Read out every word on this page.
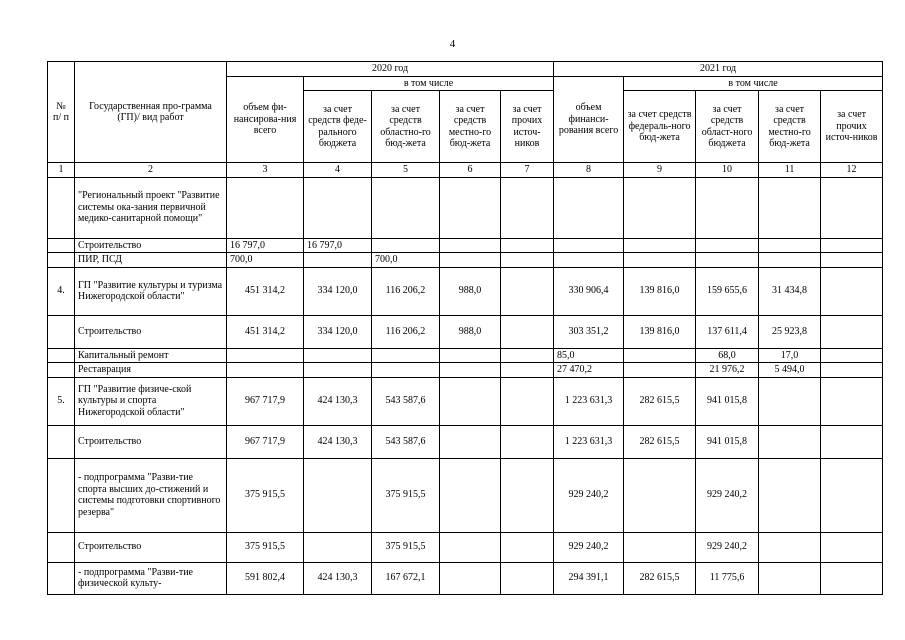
4
№ п/ п	Государственная про-грамма (ГП)/ вид работ	2020 год					2021 год				
		объем фи-нансирова-ния всего	в том числе				объем финанси-рования всего	в том числе			
			за счет средств феде-рального бюджета	за счет средств областно-го бюд-жета	за счет средств местно-го бюд-жета	за счет прочих источ-ников		за счет средств федераль-ного бюд-жета	за счет средств област-ного бюджета	за счет средств местно-го бюд-жета	за счет прочих источ-ников
1	2	3	4	5	6	7	8	9	10	11	12
	"Региональный проект "Развитие системы ока-зания первичной медико-санитарной помощи"										
	Строительство	16 797,0	16 797,0								
	ПИР, ПСД	700,0		700,0							
4.	ГП "Развитие культуры и туризма Нижегородской области"	451 314,2	334 120,0	116 206,2	988,0		330 906,4	139 816,0	159 655,6	31 434,8	
	Строительство	451 314,2	334 120,0	116 206,2	988,0		303 351,2	139 816,0	137 611,4	25 923,8	
	Капитальный ремонт						85,0		68,0	17,0	
	Реставрация						27 470,2		21 976,2	5 494,0	
5.	ГП "Развитие физиче-ской культуры и спорта Нижегородской области"	967 717,9	424 130,3	543 587,6			1 223 631,3	282 615,5	941 015,8		
	Строительство	967 717,9	424 130,3	543 587,6			1 223 631,3	282 615,5	941 015,8		
	- подпрограмма "Разви-тие спорта высших до-стижений и системы подготовки спортивного резерва"	375 915,5		375 915,5			929 240,2		929 240,2		
	Строительство	375 915,5		375 915,5			929 240,2		929 240,2		
	- подпрограмма "Разви-тие физической культу-	591 802,4	424 130,3	167 672,1			294 391,1	282 615,5	11 775,6		
